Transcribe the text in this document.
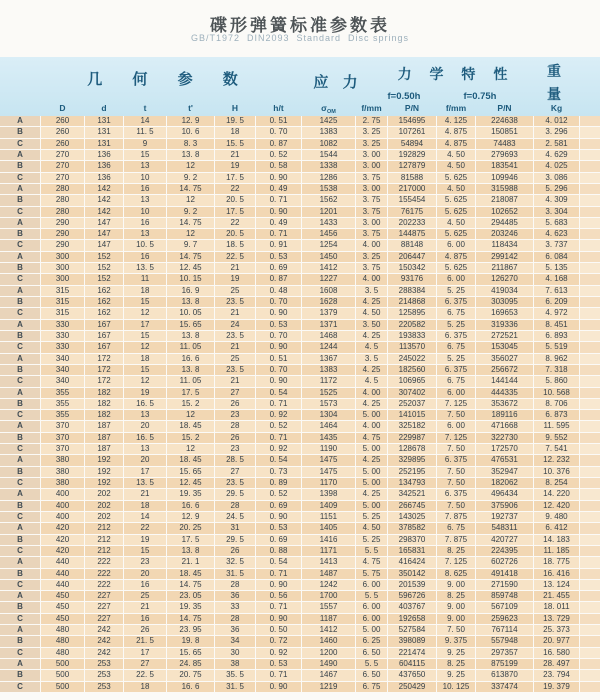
碟形弹簧标准参数表
GB/T1972  DIN2093  Standard  Disc springs
几 何 参 数	应 力	力 学 特 性
f=0.50h	f=0.75h
重
量
D	d	t	t'	H	h/t	$\sigma_{OM}$	f/mm	P/N	f/mm	P/N	Kg
A	260	131	14	12. 9	19. 5	0. 51	1425	2. 75	154695	4. 125	224638	4. 012
B	260	131	11. 5	10. 6	18	0. 70	1383	3. 25	107261	4. 875	150851	3. 296
C	260	131	9	8. 3	15. 5	0. 87	1082	3. 25	54894	4. 875	74483	2. 581
A	270	136	15	13. 8	21	0. 52	1544	3. 00	192829	4. 50	279693	4. 629
B	270	136	13	12	19	0. 58	1338	3. 00	127879	4. 50	183541	4. 025
C	270	136	10	9. 2	17. 5	0. 90	1286	3. 75	81588	5. 625	109946	3. 086
A	280	142	16	14. 75	22	0. 49	1538	3. 00	217000	4. 50	315988	5. 296
B	280	142	13	12	20. 5	0. 71	1562	3. 75	155454	5. 625	218087	4. 309
C	280	142	10	9. 2	17. 5	0. 90	1201	3. 75	76175	5. 625	102652	3. 304
A	290	147	16	14. 75	22	0. 49	1433	3. 00	202233	4. 50	294485	5. 683
B	290	147	13	12	20. 5	0. 71	1456	3. 75	144875	5. 625	203246	4. 623
C	290	147	10. 5	9. 7	18. 5	0. 91	1254	4. 00	88148	6. 00	118434	3. 737
A	300	152	16	14. 75	22. 5	0. 53	1450	3. 25	206447	4. 875	299142	6. 084
B	300	152	13. 5	12. 45	21	0. 69	1412	3. 75	150342	5. 625	211867	5. 135
C	300	152	11	10. 15	19	0. 87	1227	4. 00	93176	6. 00	126270	4. 168
A	315	162	18	16. 9	25	0. 48	1608	3. 5	288384	5. 25	419034	7. 613
B	315	162	15	13. 8	23. 5	0. 70	1628	4. 25	214868	6. 375	303095	6. 209
C	315	162	12	10. 05	21	0. 90	1379	4. 50	125895	6. 75	169653	4. 972
A	330	167	17	15. 65	24	0. 53	1371	3. 50	220582	5. 25	319336	8. 451
B	330	167	15	13. 8	23. 5	0. 70	1468	4. 25	193833	6. 375	272521	6. 893
C	330	167	12	11. 05	21	0. 90	1244	4. 5	113570	6. 75	153045	5. 519
A	340	172	18	16. 6	25	0. 51	1367	3. 5	245022	5. 25	356027	8. 962
B	340	172	15	13. 8	23. 5	0. 70	1383	4. 25	182560	6. 375	256672	7. 318
C	340	172	12	11. 05	21	0. 90	1172	4. 5	106965	6. 75	144144	5. 860
A	355	182	19	17. 5	27	0. 54	1525	4. 00	307402	6. 00	444335	10. 568
B	355	182	16. 5	15. 2	26	0. 71	1573	4. 25	252037	7. 125	353672	8. 706
C	355	182	13	12	23	0. 92	1304	5. 00	141015	7. 50	189116	6. 873
A	370	187	20	18. 45	28	0. 52	1464	4. 00	325182	6. 00	471668	11. 595
B	370	187	16. 5	15. 2	26	0. 71	1435	4. 75	229987	7. 125	322730	9. 552
C	370	187	13	12	23	0. 92	1190	5. 00	128678	7. 50	172570	7. 541
A	380	192	20	18. 45	28. 5	0. 54	1475	4. 25	329895	6. 375	476531	12. 232
B	380	192	17	15. 65	27	0. 73	1475	5. 00	252195	7. 50	352947	10. 376
C	380	192	13. 5	12. 45	23. 5	0. 89	1170	5. 00	134793	7. 50	182062	8. 254
A	400	202	21	19. 35	29. 5	0. 52	1398	4. 25	342521	6. 375	496434	14. 220
B	400	202	18	16. 6	28	0. 69	1409	5. 00	266745	7. 50	375906	12. 420
C	400	202	14	12. 9	24. 5	0. 90	1151	5. 25	143025	7. 875	192737	9. 480
A	420	212	22	20. 25	31	0. 53	1405	4. 50	378582	6. 75	548311	6. 412
B	420	212	19	17. 5	29. 5	0. 69	1416	5. 25	298370	7. 875	420727	14. 183
C	420	212	15	13. 8	26	0. 88	1171	5. 5	165831	8. 25	224395	11. 185
A	440	222	23	21. 1	32. 5	0. 54	1413	4. 75	416424	7. 125	602726	18. 775
B	440	222	20	18. 45	31. 5	0. 71	1487	5. 75	350142	8. 625	491418	16. 416
C	440	222	16	14. 75	28	0. 90	1242	6. 00	201539	9. 00	271590	13. 124
A	450	227	25	23. 05	36	0. 56	1700	5. 5	596726	8. 25	859748	21. 455
B	450	227	21	19. 35	33	0. 71	1557	6. 00	403767	9. 00	567109	18. 011
C	450	227	16	14. 75	28	0. 90	1187	6. 00	192658	9. 00	259623	13. 729
A	480	242	26	23. 95	36	0. 50	1412	5. 00	527584	7. 50	767114	25. 373
B	480	242	21. 5	19. 8	34	0. 72	1460	6. 25	398089	9. 375	557948	20. 977
C	480	242	17	15. 65	30	0. 92	1200	6. 50	221474	9. 25	297357	16. 580
A	500	253	27	24. 85	38	0. 53	1490	5. 5	604115	8. 25	875199	28. 497
B	500	253	22. 5	20. 75	35. 5	0. 71	1467	6. 50	437650	9. 25	613870	23. 794
C	500	253	18	16. 6	31. 5	0. 90	1219	6. 75	250429	10. 125	337474	19. 379
